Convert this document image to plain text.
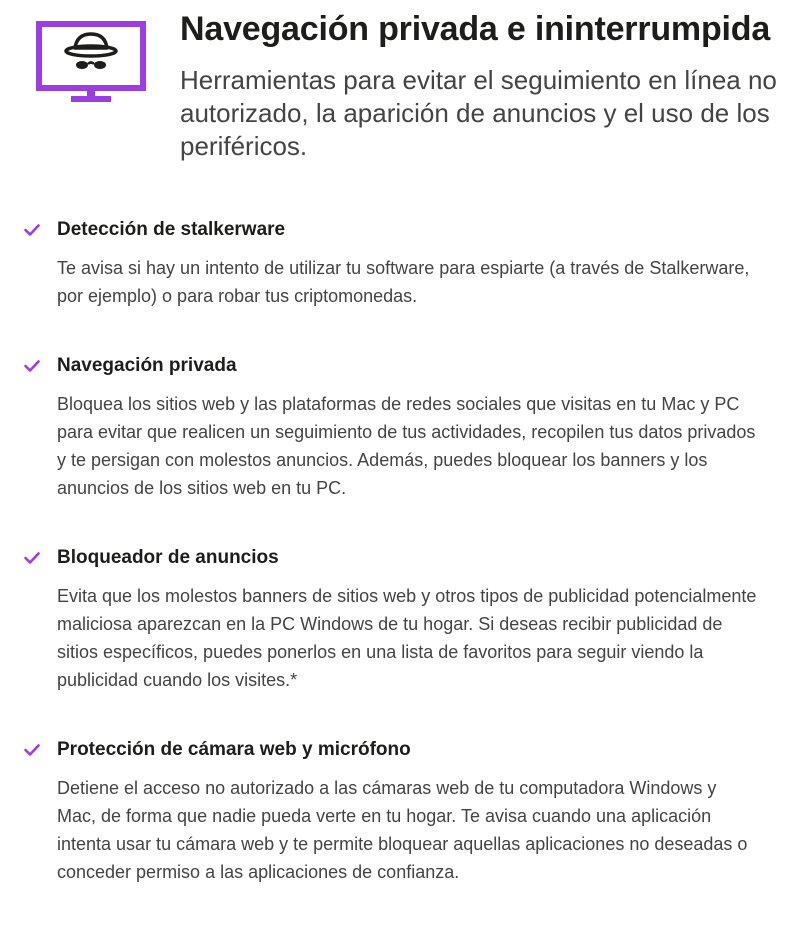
Navegación privada e ininterrumpida

Herramientas para evitar el seguimiento en línea no autorizado, la aparición de anuncios y el uso de los periféricos.

Detección de stalkerware

Te avisa si hay un intento de utilizar tu software para espiarte (a través de Stalkerware, por ejemplo) o para robar tus criptomonedas.

Navegación privada

Bloquea los sitios web y las plataformas de redes sociales que visitas en tu Mac y PC para evitar que realicen un seguimiento de tus actividades, recopilen tus datos privados y te persigan con molestos anuncios. Además, puedes bloquear los banners y los anuncios de los sitios web en tu PC.

Bloqueador de anuncios

Evita que los molestos banners de sitios web y otros tipos de publicidad potencialmente maliciosa aparezcan en la PC Windows de tu hogar. Si deseas recibir publicidad de sitios específicos, puedes ponerlos en una lista de favoritos para seguir viendo la publicidad cuando los visites.*

Protección de cámara web y micrófono

Detiene el acceso no autorizado a las cámaras web de tu computadora Windows y Mac, de forma que nadie pueda verte en tu hogar. Te avisa cuando una aplicación intenta usar tu cámara web y te permite bloquear aquellas aplicaciones no deseadas o conceder permiso a las aplicaciones de confianza.
